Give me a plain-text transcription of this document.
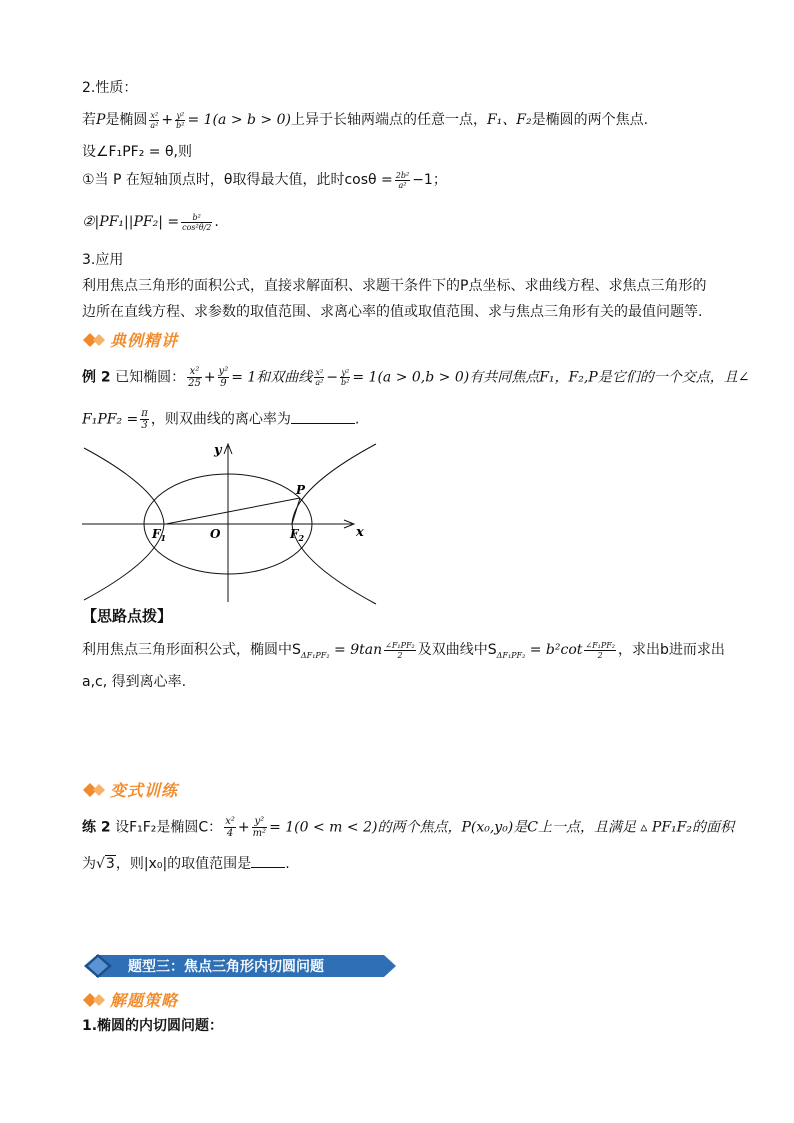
2.性质：
若P是椭圆 $\frac{\text{x²}}{\text{a²}} + \frac{\text{y²}}{\text{b²}} = 1(a > b > 0)$上异于长轴两端点的任意一点，F₁、F₂是椭圆的两个焦点.
设∠F₁PF₂ = θ,则
①当 P 在短轴顶点时，θ取得最大值，此时$\cos\theta = \frac{\text{2b²}}{\text{a²}} -1$；
②|PF₁||PF₂| = $\frac{\text{b²}}{\text{cos²θ/2}}$ .
3.应用
利用焦点三角形的面积公式，直接求解面积、求题干条件下的P点坐标、求曲线方程、求焦点三角形的
边所在直线方程、求参数的取值范围、求离心率的值或取值范围、求与焦点三角形有关的最值问题等.
典例精讲
例 2 已知椭圆： $\frac{\text{x²}}{25} + \frac{\text{y²}}{9} = 1$和双曲线 $\frac{\text{x²}}{\text{a²}} - \frac{\text{y²}}{\text{b²}} = 1(a > 0,b > 0)$有共同焦点F₁，F₂,P是它们的一个交点，且∠
$F_1PF_2 = \frac{\pi}{3}$ ，则双曲线的离心率为	.
y
x
O
P
$F_1$	$F_2$
【思路点拨】
利用焦点三角形面积公式，椭圆中$S_{\Delta F_1PF_2} = 9\tan \frac{\text{∠F₁PF₂}}{2}$ 及双曲线中$S_{\Delta F_1PF_2} = b^2\cot \frac{\text{∠F₁PF₂}}{2}$ ，求出b进而求出
a,c, 得到离心率.
变式训练
练 2 设F₁F₂是椭圆C： $\frac{\text{x²}}{4} + \frac{\text{y²}}{\text{m²}} = 1(0 < m < 2)$的两个焦点，P(x₀,y₀)是C上一点，且满足 ▵ PF₁F₂的面积
为√3，则|x₀|的取值范围是 .
题型三：焦点三角形内切圆问题
解题策略
1.椭圆的内切圆问题：
